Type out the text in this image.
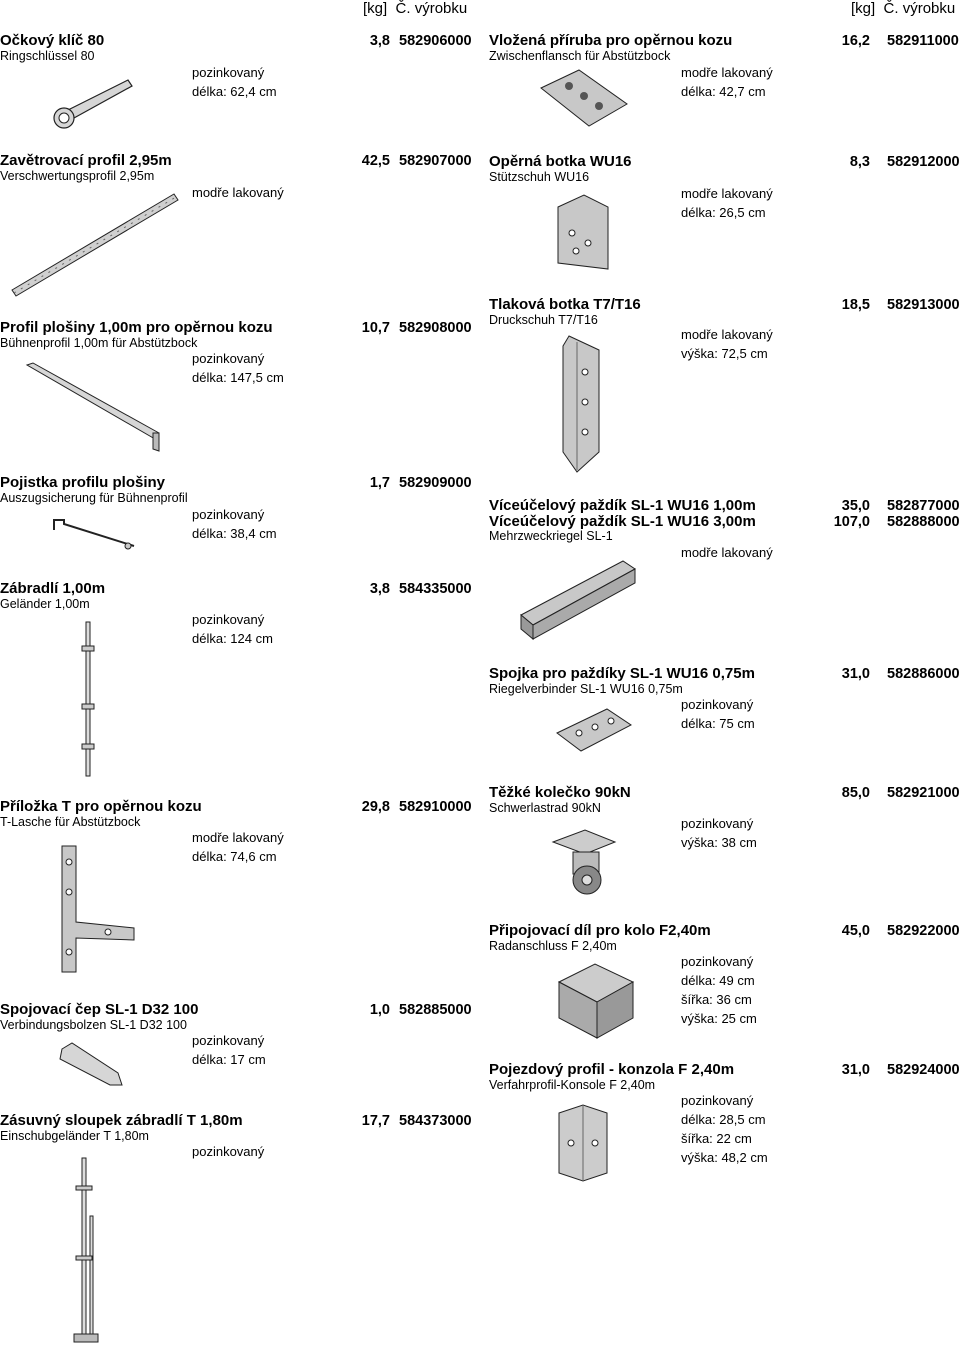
[kg] Č. výrobku	[kg] Č. výrobku
Očkový klíč 80
Ringschlüssel 80
3,8 582906000
pozinkovaný
délka: 62,4 cm
Zavětrovací profil 2,95m
Verschwertungsprofil 2,95m
42,5 582907000
modře lakovaný
Profil plošiny 1,00m pro opěrnou kozu
Bühnenprofil 1,00m für Abstützbock
10,7 582908000
pozinkovaný
délka: 147,5 cm
Pojistka profilu plošiny
Auszugsicherung für Bühnenprofil
1,7 582909000
pozinkovaný
délka: 38,4 cm
Zábradlí 1,00m
Geländer 1,00m
3,8 584335000
pozinkovaný
délka: 124 cm
Příložka T pro opěrnou kozu
T-Lasche für Abstützbock
29,8 582910000
modře lakovaný
délka: 74,6 cm
Spojovací čep SL-1 D32 100
Verbindungsbolzen SL-1 D32 100
1,0 582885000
pozinkovaný
délka: 17 cm
Zásuvný sloupek zábradlí T 1,80m
Einschubgeländer T 1,80m
17,7 584373000
pozinkovaný
Vložená příruba pro opěrnou kozu
Zwischenflansch für Abstützbock
16,2 582911000
modře lakovaný
délka: 42,7 cm
Opěrná botka WU16
Stützschuh WU16
8,3 582912000
modře lakovaný
délka: 26,5 cm
Tlaková botka T7/T16
Druckschuh T7/T16
18,5 582913000
modře lakovaný
výška: 72,5 cm
Víceúčelový paždík SL-1 WU16 1,00m
Víceúčelový paždík SL-1 WU16 3,00m
Mehrzweckriegel SL-1
35,0
107,0
582877000
582888000
modře lakovaný
Spojka pro paždíky SL-1 WU16 0,75m
Riegelverbinder SL-1 WU16 0,75m
31,0 582886000
pozinkovaný
délka: 75 cm
Těžké kolečko 90kN
Schwerlastrad 90kN
85,0 582921000
pozinkovaný
výška: 38 cm
Připojovací díl pro kolo F2,40m
Radanschluss F 2,40m
45,0 582922000
pozinkovaný
délka: 49 cm
šířka: 36 cm
výška: 25 cm
Pojezdový profil - konzola F 2,40m
Verfahrprofil-Konsole F 2,40m
31,0 582924000
pozinkovaný
délka: 28,5 cm
šířka: 22 cm
výška: 48,2 cm
